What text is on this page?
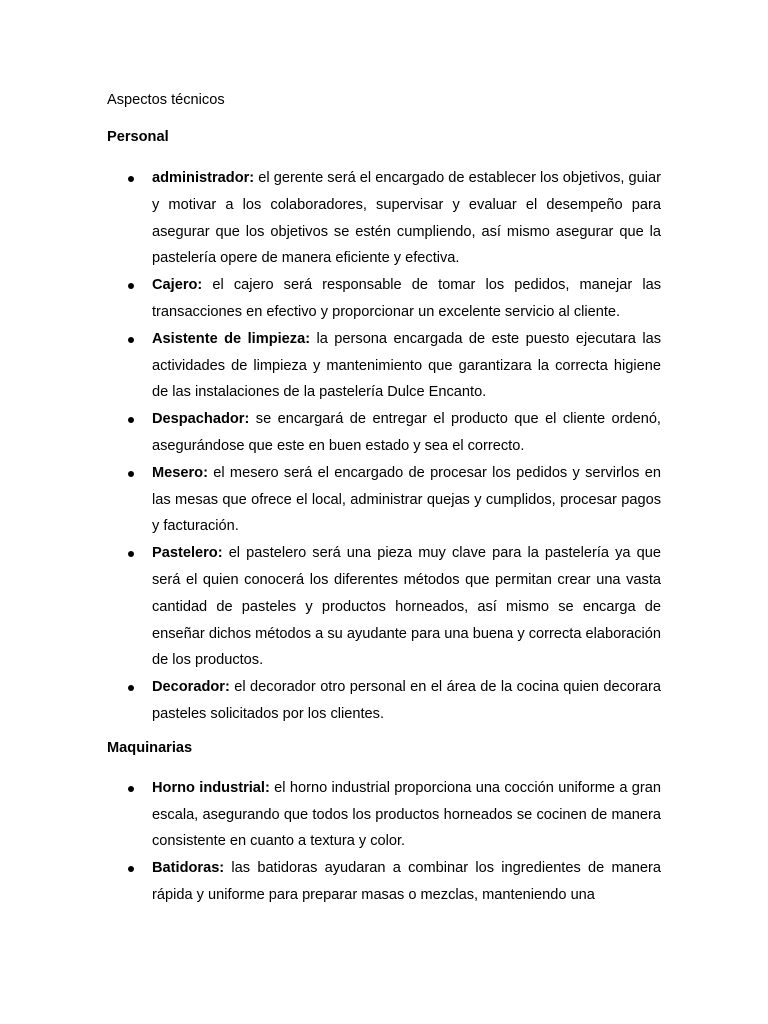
Aspectos técnicos

Personal

administrador: el gerente será el encargado de establecer los objetivos, guiar y motivar a los colaboradores, supervisar y evaluar el desempeño para asegurar que los objetivos se estén cumpliendo, así mismo asegurar que la pastelería opere de manera eficiente y efectiva.
Cajero: el cajero será responsable de tomar los pedidos, manejar las transacciones en efectivo y proporcionar un excelente servicio al cliente.
Asistente de limpieza: la persona encargada de este puesto ejecutara las actividades de limpieza y mantenimiento que garantizara la correcta higiene de las instalaciones de la pastelería Dulce Encanto.
Despachador: se encargará de entregar el producto que el cliente ordenó, asegurándose que este en buen estado y sea el correcto.
Mesero: el mesero será el encargado de procesar los pedidos y servirlos en las mesas que ofrece el local, administrar quejas y cumplidos, procesar pagos y facturación.
Pastelero: el pastelero será una pieza muy clave para la pastelería ya que será el quien conocerá los diferentes métodos que permitan crear una vasta cantidad de pasteles y productos horneados, así mismo se encarga de enseñar dichos métodos a su ayudante para una buena y correcta elaboración de los productos.
Decorador: el decorador otro personal en el área de la cocina quien decorara pasteles solicitados por los clientes.

Maquinarias

Horno industrial: el horno industrial proporciona una cocción uniforme a gran escala, asegurando que todos los productos horneados se cocinen de manera consistente en cuanto a textura y color.
Batidoras: las batidoras ayudaran a combinar los ingredientes de manera rápida y uniforme para preparar masas o mezclas, manteniendo una
